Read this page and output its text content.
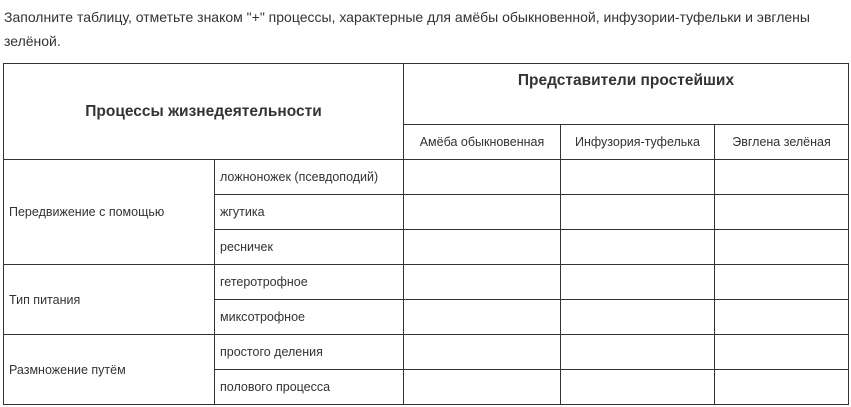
Заполните таблицу, отметьте знаком "+" процессы, характерные для амёбы обыкновенной, инфузории-туфельки и эвглены зелёной.
Процессы жизнедеятельности		Представители простейших		
		Амёба обыкновенная	Инфузория-туфелька	Эвглена зелёная
Передвижение с помощью	ложноножек (псевдоподий)			
	жгутика			
	ресничек			
Тип питания	гетеротрофное			
	миксотрофное			
Размножение путём	простого деления			
	полового процесса			
